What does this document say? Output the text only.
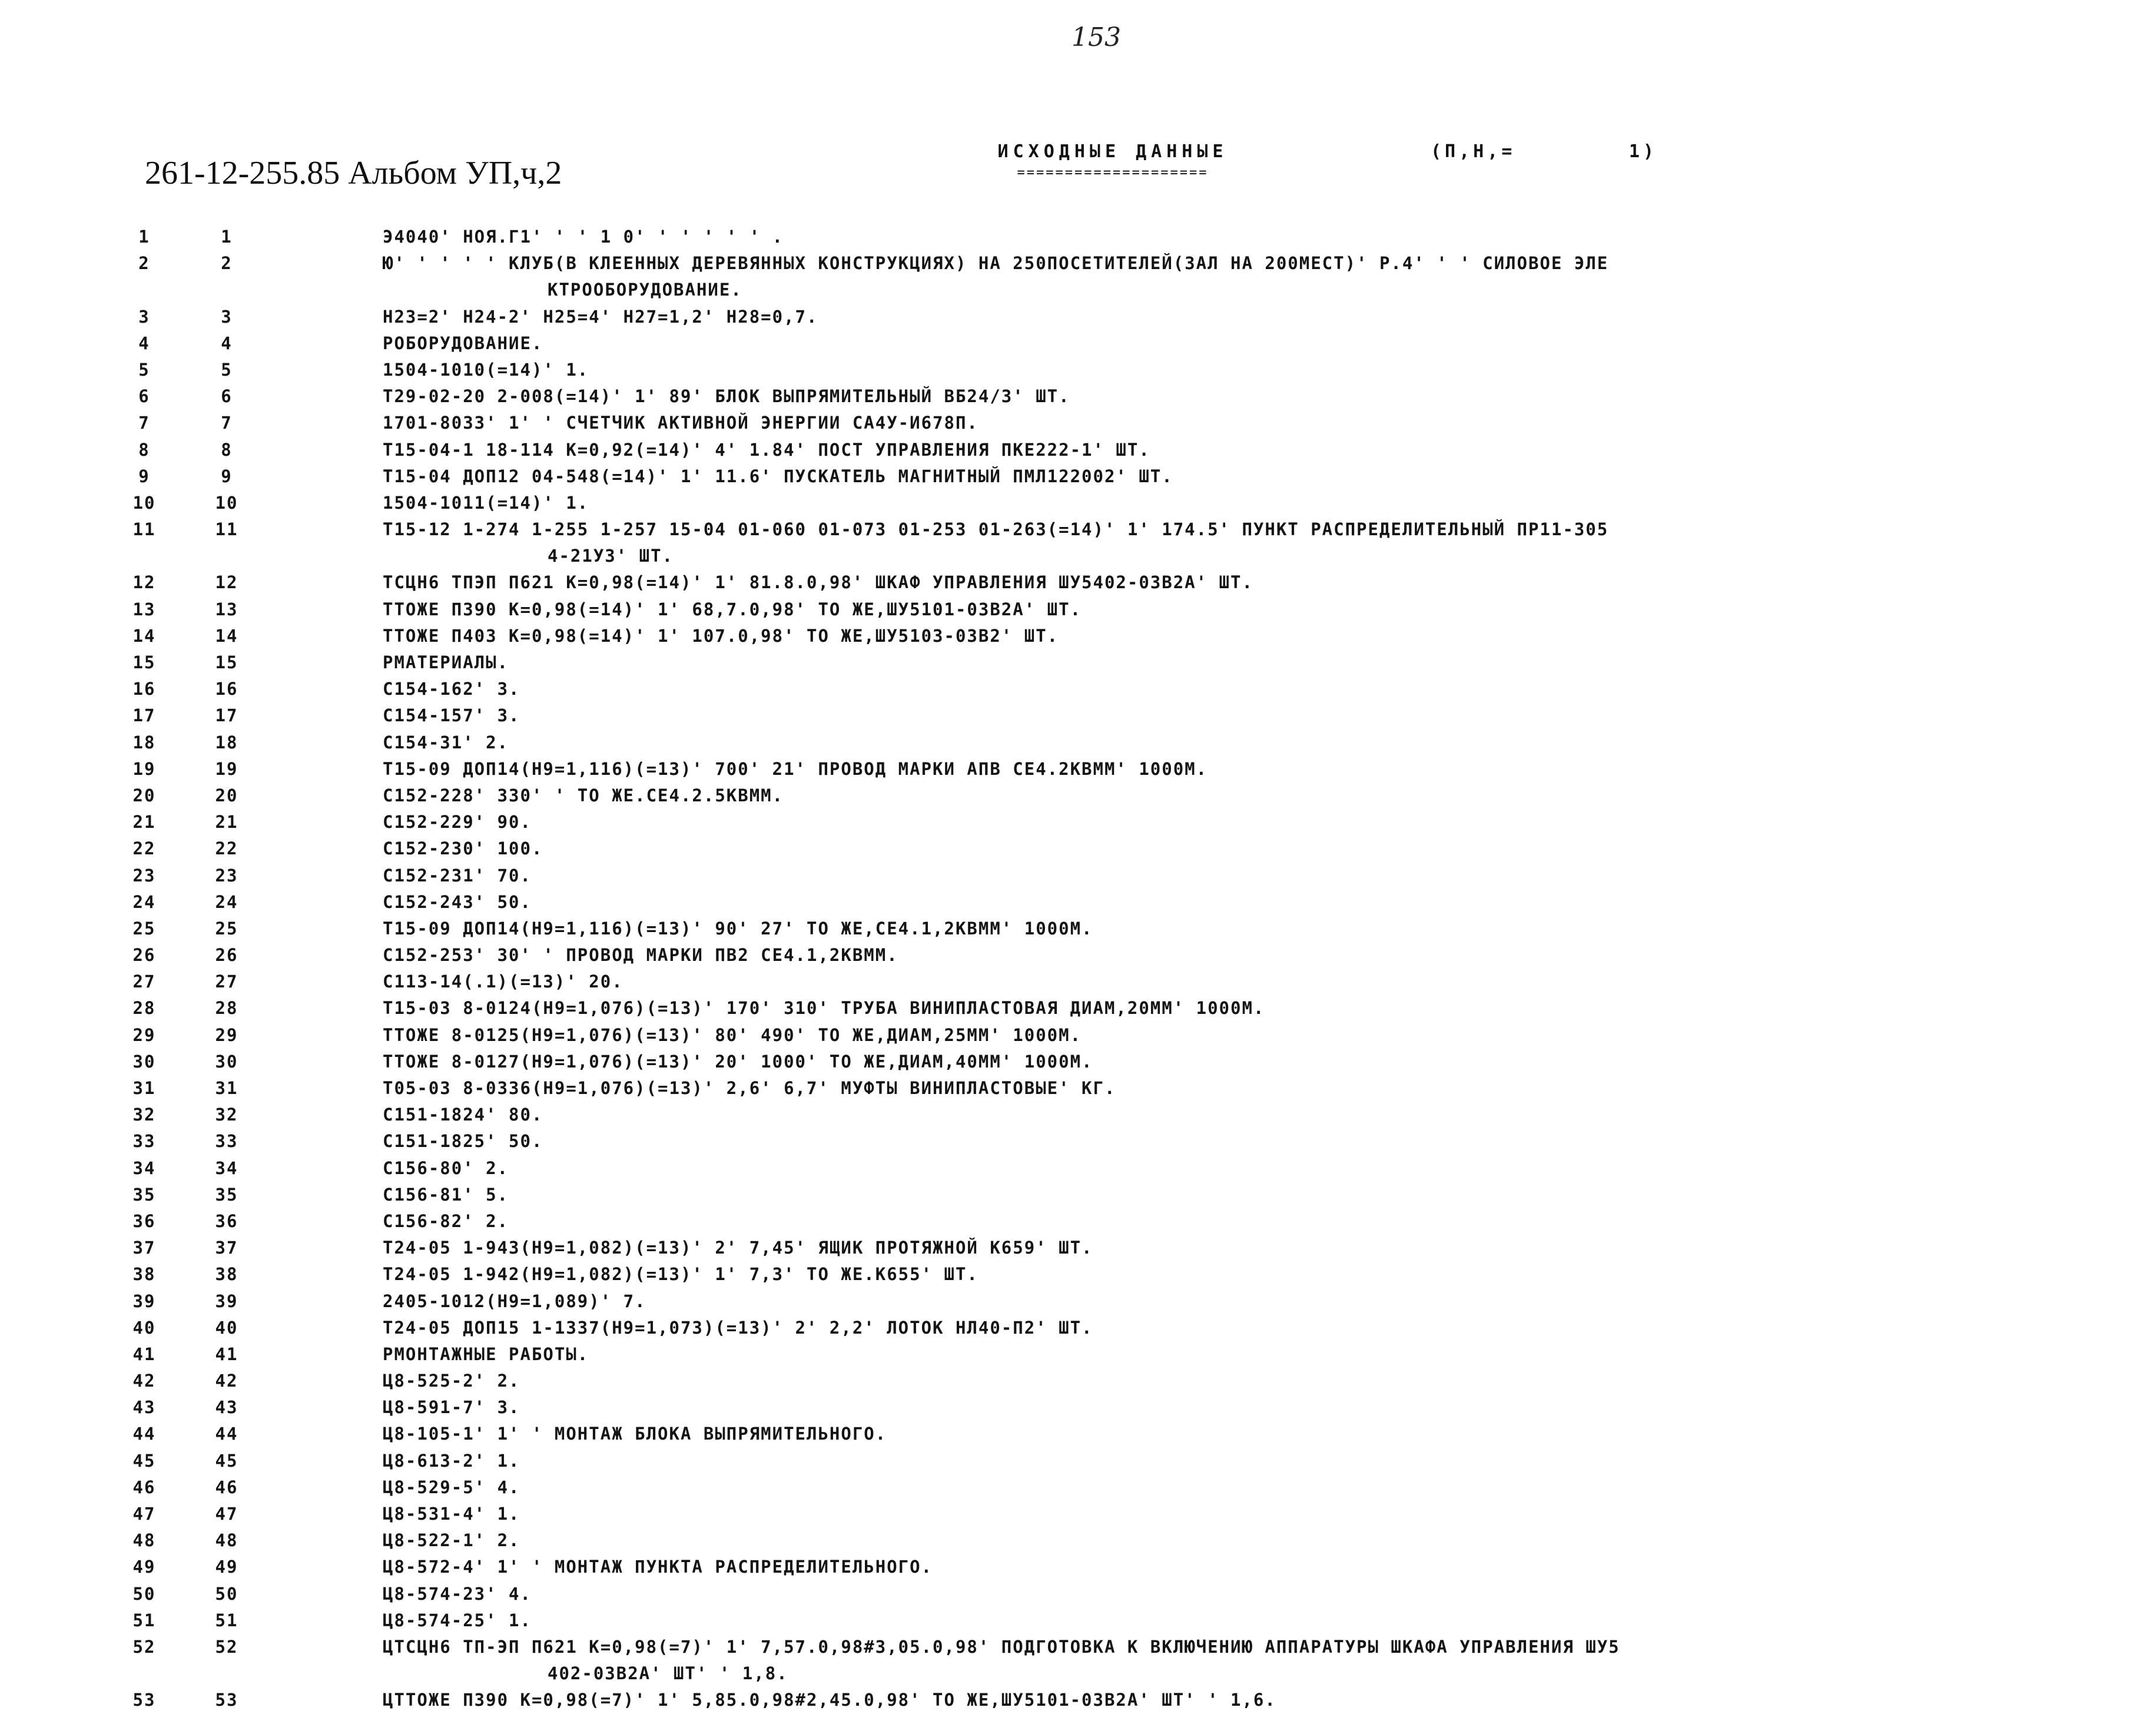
153
261-12-255.85 Альбом УП,ч,2
ИСХОДНЫЕ ДАННЫЕ
====================
(П,Н,=        1)
1	1	Э4040' НОЯ.Г1' ' ' 1 0' ' ' ' ' ' .
2	2	Ю' ' ' ' ' КЛУБ(В КЛЕЕННЫХ ДЕРЕВЯННЫХ КОНСТРУКЦИЯХ) НА 250ПОСЕТИТЕЛЕЙ(ЗАЛ НА 200МЕСТ)' Р.4' ' ' СИЛОВОЕ ЭЛЕ
КТРООБОРУДОВАНИЕ.
3	3	Н23=2' Н24-2' Н25=4' Н27=1,2' Н28=0,7.
4	4	РОБОРУДОВАНИЕ.
5	5	1504-1010(=14)' 1.
6	6	Т29-02-20 2-008(=14)' 1' 89' БЛОК ВЫПРЯМИТЕЛЬНЫЙ ВБ24/3' ШТ.
7	7	1701-8033' 1' ' СЧЕТЧИК АКТИВНОЙ ЭНЕРГИИ СА4У-И678П.
8	8	Т15-04-1 18-114 К=0,92(=14)' 4' 1.84' ПОСТ УПРАВЛЕНИЯ ПКЕ222-1' ШТ.
9	9	Т15-04 ДОП12 04-548(=14)' 1' 11.6' ПУСКАТЕЛЬ МАГНИТНЫЙ ПМЛ122002' ШТ.
10	10	1504-1011(=14)' 1.
11	11	Т15-12 1-274 1-255 1-257 15-04 01-060 01-073 01-253 01-263(=14)' 1' 174.5' ПУНКТ РАСПРЕДЕЛИТЕЛЬНЫЙ ПР11-305
4-21У3' ШТ.
12	12	ТСЦН6 ТПЭП П621 К=0,98(=14)' 1' 81.8.0,98' ШКАФ УПРАВЛЕНИЯ ШУ5402-03В2А' ШТ.
13	13	ТТОЖЕ П390 К=0,98(=14)' 1' 68,7.0,98' ТО ЖЕ,ШУ5101-03В2А' ШТ.
14	14	ТТОЖЕ П403 К=0,98(=14)' 1' 107.0,98' ТО ЖЕ,ШУ5103-03В2' ШТ.
15	15	РМАТЕРИАЛЫ.
16	16	С154-162' 3.
17	17	С154-157' 3.
18	18	С154-31' 2.
19	19	Т15-09 ДОП14(Н9=1,116)(=13)' 700' 21' ПРОВОД МАРКИ АПВ СЕ4.2КВММ' 1000М.
20	20	С152-228' 330' ' ТО ЖЕ.СЕ4.2.5КВММ.
21	21	С152-229' 90.
22	22	С152-230' 100.
23	23	С152-231' 70.
24	24	С152-243' 50.
25	25	Т15-09 ДОП14(Н9=1,116)(=13)' 90' 27' ТО ЖЕ,СЕ4.1,2КВММ' 1000М.
26	26	С152-253' 30' ' ПРОВОД МАРКИ ПВ2 СЕ4.1,2КВММ.
27	27	С113-14(.1)(=13)' 20.
28	28	Т15-03 8-0124(Н9=1,076)(=13)' 170' 310' ТРУБА ВИНИПЛАСТОВАЯ ДИАМ,20ММ' 1000М.
29	29	ТТОЖЕ 8-0125(Н9=1,076)(=13)' 80' 490' ТО ЖЕ,ДИАМ,25ММ' 1000М.
30	30	ТТОЖЕ 8-0127(Н9=1,076)(=13)' 20' 1000' ТО ЖЕ,ДИАМ,40ММ' 1000М.
31	31	Т05-03 8-0336(Н9=1,076)(=13)' 2,6' 6,7' МУФТЫ ВИНИПЛАСТОВЫЕ' КГ.
32	32	С151-1824' 80.
33	33	С151-1825' 50.
34	34	С156-80' 2.
35	35	С156-81' 5.
36	36	С156-82' 2.
37	37	Т24-05 1-943(Н9=1,082)(=13)' 2' 7,45' ЯЩИК ПРОТЯЖНОЙ К659' ШТ.
38	38	Т24-05 1-942(Н9=1,082)(=13)' 1' 7,3' ТО ЖЕ.К655' ШТ.
39	39	2405-1012(Н9=1,089)' 7.
40	40	Т24-05 ДОП15 1-1337(Н9=1,073)(=13)' 2' 2,2' ЛОТОК НЛ40-П2' ШТ.
41	41	РМОНТАЖНЫЕ РАБОТЫ.
42	42	Ц8-525-2' 2.
43	43	Ц8-591-7' 3.
44	44	Ц8-105-1' 1' ' МОНТАЖ БЛОКА ВЫПРЯМИТЕЛЬНОГО.
45	45	Ц8-613-2' 1.
46	46	Ц8-529-5' 4.
47	47	Ц8-531-4' 1.
48	48	Ц8-522-1' 2.
49	49	Ц8-572-4' 1' ' МОНТАЖ ПУНКТА РАСПРЕДЕЛИТЕЛЬНОГО.
50	50	Ц8-574-23' 4.
51	51	Ц8-574-25' 1.
52	52	ЦТСЦН6 ТП-ЭП П621 К=0,98(=7)' 1' 7,57.0,98#3,05.0,98' ПОДГОТОВКА К ВКЛЮЧЕНИЮ АППАРАТУРЫ ШКАФА УПРАВЛЕНИЯ ШУ5
402-03В2А' ШТ' ' 1,8.
53	53	ЦТТОЖЕ П390 К=0,98(=7)' 1' 5,85.0,98#2,45.0,98' ТО ЖЕ,ШУ5101-03В2А' ШТ' ' 1,6.
